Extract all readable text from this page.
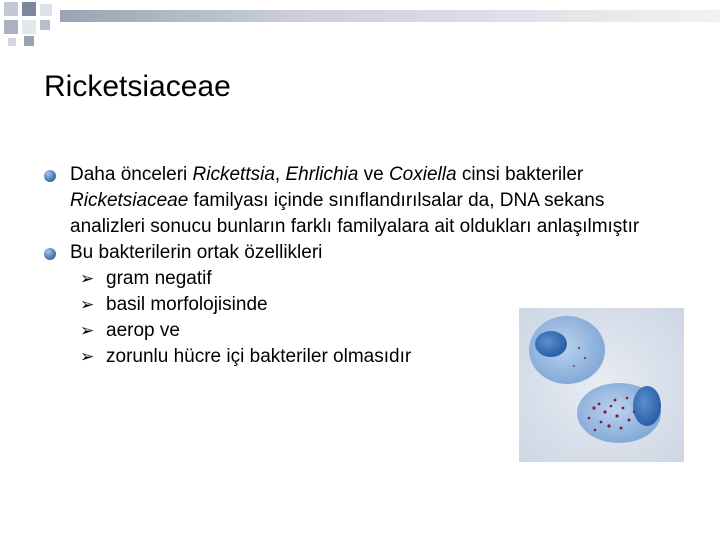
Ricketsiaceae
Daha önceleri Rickettsia, Ehrlichia ve Coxiella cinsi bakteriler Ricketsiaceae familyası içinde sınıflandırılsalar da, DNA sekans analizleri sonucu bunların farklı familyalara ait oldukları anlaşılmıştır
Bu bakterilerin ortak özellikleri
➢ gram negatif
➢ basil morfolojisinde
➢ aerop ve
➢ zorunlu hücre içi bakteriler olmasıdır
